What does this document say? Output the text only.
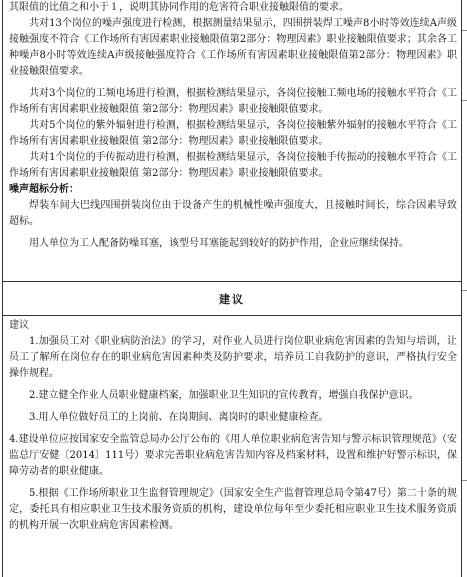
其限值的比值之和小于１，说明其协同作用的危害符合职业接触限值的要求。

共对13个岗位的噪声强度进行检测，根据测量结果显示，四围拼装焊工噪声8小时等效连续A声级接触强度不符合《工作场所有害因素职业接触限值第2部分：物理因素》职业接触限值要求；其余各工种噪声8小时等效连续A声级接触强度符合《工作场所有害因素职业接触限值第2部分：物理因素》职业接触限值要求。

共对3个岗位的工频电场进行检测，根据检测结果显示，各岗位接触工频电场的接触水平符合《工作场所有害因素职业接触限值 第2部分：物理因素》职业接触限值要求。

共对5个岗位的紫外辐射进行检测，根据检测结果显示，各岗位接触紫外辐射的接触水平符合《工作场所有害因素职业接触限值 第2部分：物理因素》职业接触限值要求。

共对1个岗位的手传振动进行检测，根据检测结果显示，各岗位接触手传振动的接触水平符合《工作场所有害因素职业接触限值 第2部分：物理因素》职业接触限值要求。

噪声超标分析：

焊装车间大巴线四围拼装岗位由于设备产生的机械性噪声强度大，且接触时间长，综合因素导致超标。

用人单位为工人配备防噪耳塞，该型号耳塞能起到较好的防护作用，企业应继续保持。

建议

建议

1.加强员工对《职业病防治法》的学习，对作业人员进行岗位职业病危害因素的告知与培训，让员工了解所在岗位存在的职业病危害因素种类及防护要求，培养员工自我防护的意识，严格执行安全操作规程。

2.建立健全作业人员职业健康档案，加强职业卫生知识的宣传教育，增强自我保护意识。

3.用人单位做好员工的上岗前、在岗期间、离岗时的职业健康检查。

4.建设单位应按国家安全监管总局办公厅公布的《用人单位职业病危害告知与警示标识管理规范》（安监总厅安健〔2014〕111号）要求完善职业病危害告知内容及档案材料，设置和维护好警示标识，保障劳动者的职业健康。

5.根据《工作场所职业卫生监督管理规定》（国家安全生产监督管理总局令第47号）第二十条的规定，委托具有相应职业卫生技术服务资质的机构，建设单位每年至少委托相应职业卫生技术服务资质的机构开展一次职业病危害因素检测。
